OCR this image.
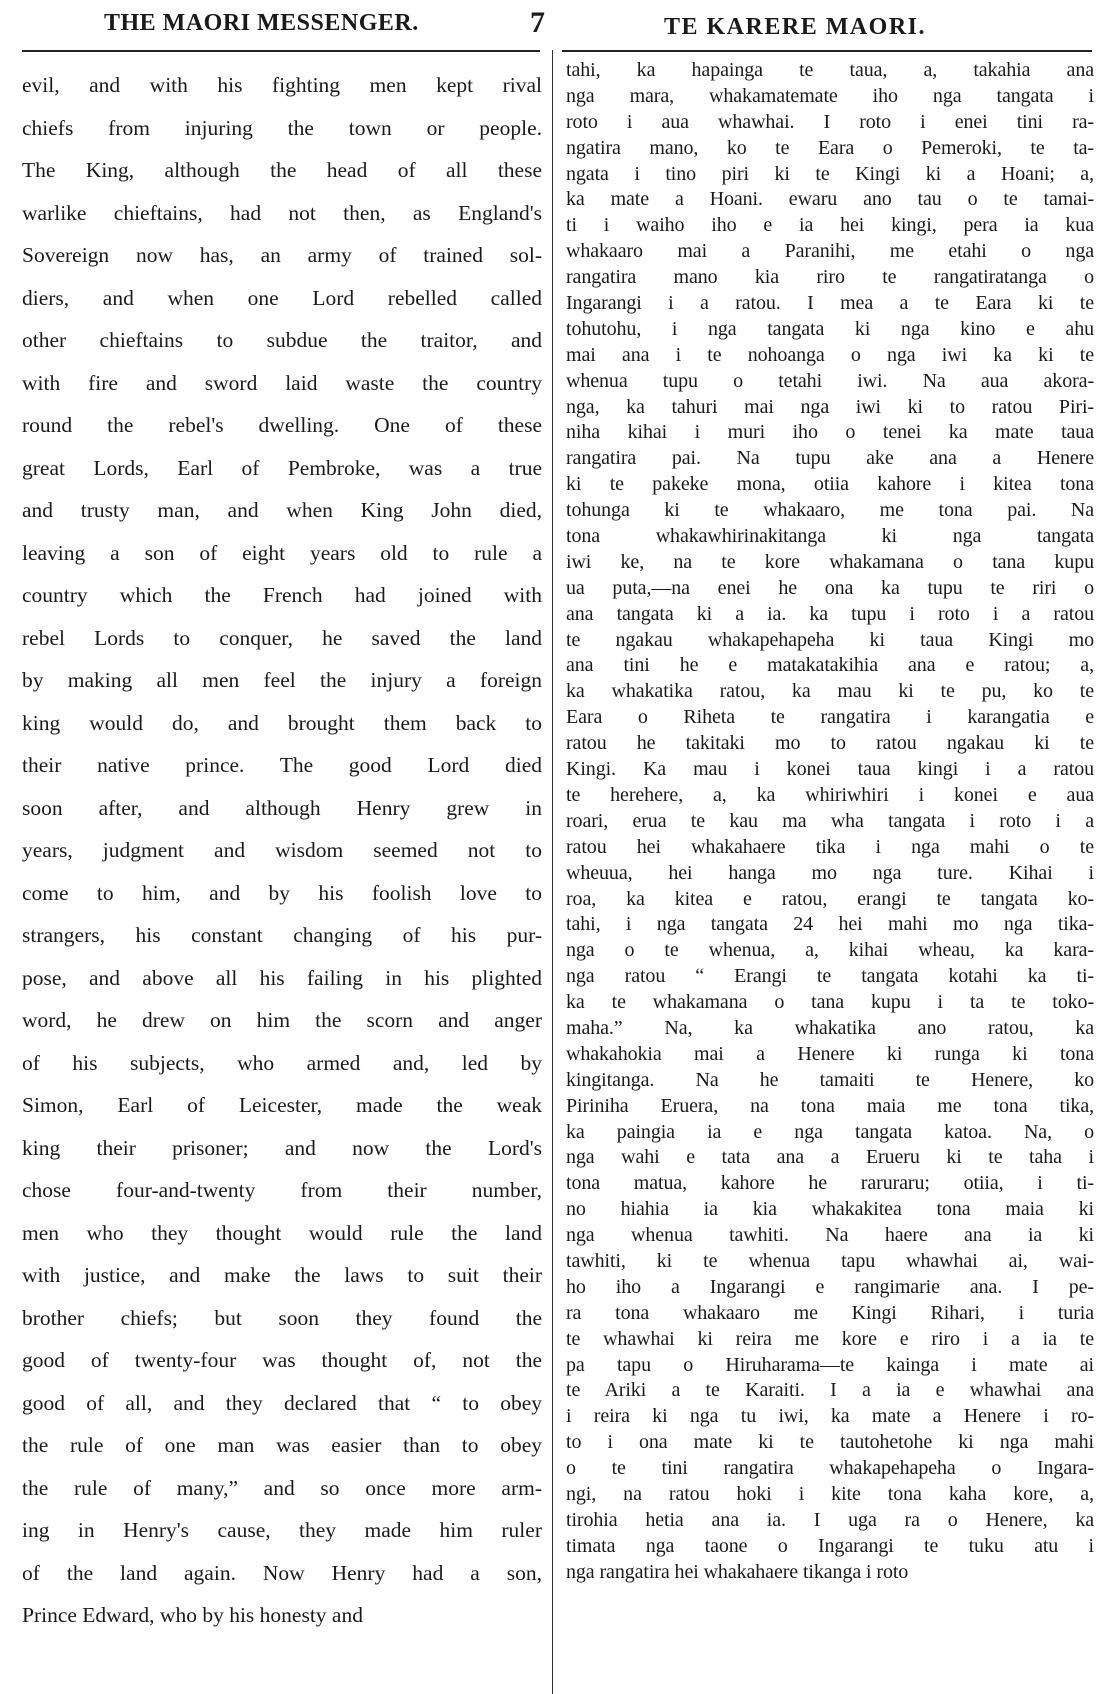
THE MAORI MESSENGER.	7	TE KARERE MAORI.
evil, and with his fighting men kept rival
chiefs from injuring the town or people.
The King, although the head of all these
warlike chieftains, had not then, as England's
Sovereign now has, an army of trained sol-
diers, and when one Lord rebelled called
other chieftains to subdue the traitor, and
with fire and sword laid waste the country
round the rebel's dwelling. One of these
great Lords, Earl of Pembroke, was a true
and trusty man, and when King John died,
leaving a son of eight years old to rule a
country which the French had joined with
rebel Lords to conquer, he saved the land
by making all men feel the injury a foreign
king would do, and brought them back to
their native prince. The good Lord died
soon after, and although Henry grew in
years, judgment and wisdom seemed not to
come to him, and by his foolish love to
strangers, his constant changing of his pur-
pose, and above all his failing in his plighted
word, he drew on him the scorn and anger
of his subjects, who armed and, led by
Simon, Earl of Leicester, made the weak
king their prisoner; and now the Lord's
chose four-and-twenty from their number,
men who they thought would rule the land
with justice, and make the laws to suit their
brother chiefs; but soon they found the
good of twenty-four was thought of, not the
good of all, and they declared that “ to obey
the rule of one man was easier than to obey
the rule of many,” and so once more arm-
ing in Henry's cause, they made him ruler
of the land again. Now Henry had a son,
Prince Edward, who by his honesty and
tahi, ka hapainga te taua, a, takahia ana
nga mara, whakamatemate iho nga tangata i
roto i aua whawhai. I roto i enei tini ra-
ngatira mano, ko te Eara o Pemeroki, te ta-
ngata i tino piri ki te Kingi ki a Hoani; a,
ka mate a Hoani. ewaru ano tau o te tamai-
ti i waiho iho e ia hei kingi, pera ia kua
whakaaro mai a Paranihi, me etahi o nga
rangatira mano kia riro te rangatiratanga o
Ingarangi i a ratou. I mea a te Eara ki te
tohutohu, i nga tangata ki nga kino e ahu
mai ana i te nohoanga o nga iwi ka ki te
whenua tupu o tetahi iwi. Na aua akora-
nga, ka tahuri mai nga iwi ki to ratou Piri-
niha kihai i muri iho o tenei ka mate taua
rangatira pai. Na tupu ake ana a Henere
ki te pakeke mona, otiia kahore i kitea tona
tohunga ki te whakaaro, me tona pai. Na
tona whakawhirinakitanga ki nga tangata
iwi ke, na te kore whakamana o tana kupu
ua puta,—na enei he ona ka tupu te riri o
ana tangata ki a ia. ka tupu i roto i a ratou
te ngakau whakapehapeha ki taua Kingi mo
ana tini he e matakatakihia ana e ratou; a,
ka whakatika ratou, ka mau ki te pu, ko te
Eara o Riheta te rangatira i karangatia e
ratou he takitaki mo to ratou ngakau ki te
Kingi. Ka mau i konei taua kingi i a ratou
te herehere, a, ka whiriwhiri i konei e aua
roari, erua te kau ma wha tangata i roto i a
ratou hei whakahaere tika i nga mahi o te
wheuua, hei hanga mo nga ture. Kihai i
roa, ka kitea e ratou, erangi te tangata ko-
tahi, i nga tangata 24 hei mahi mo nga tika-
nga o te whenua, a, kihai wheau, ka kara-
nga ratou “ Erangi te tangata kotahi ka ti-
ka te whakamana o tana kupu i ta te toko-
maha.” Na, ka whakatika ano ratou, ka
whakahokia mai a Henere ki runga ki tona
kingitanga. Na he tamaiti te Henere, ko
Piriniha Eruera, na tona maia me tona tika,
ka paingia ia e nga tangata katoa. Na, o
nga wahi e tata ana a Erueru ki te taha i
tona matua, kahore he raruraru; otiia, i ti-
no hiahia ia kia whakakitea tona maia ki
nga whenua tawhiti. Na haere ana ia ki
tawhiti, ki te whenua tapu whawhai ai, wai-
ho iho a Ingarangi e rangimarie ana. I pe-
ra tona whakaaro me Kingi Rihari, i turia
te whawhai ki reira me kore e riro i a ia te
pa tapu o Hiruharama—te kainga i mate ai
te Ariki a te Karaiti. I a ia e whawhai ana
i reira ki nga tu iwi, ka mate a Henere i ro-
to i ona mate ki te tautohetohe ki nga mahi
o te tini rangatira whakapehapeha o Ingara-
ngi, na ratou hoki i kite tona kaha kore, a,
tirohia hetia ana ia. I uga ra o Henere, ka
timata nga taone o Ingarangi te tuku atu i
nga rangatira hei whakahaere tikanga i roto
